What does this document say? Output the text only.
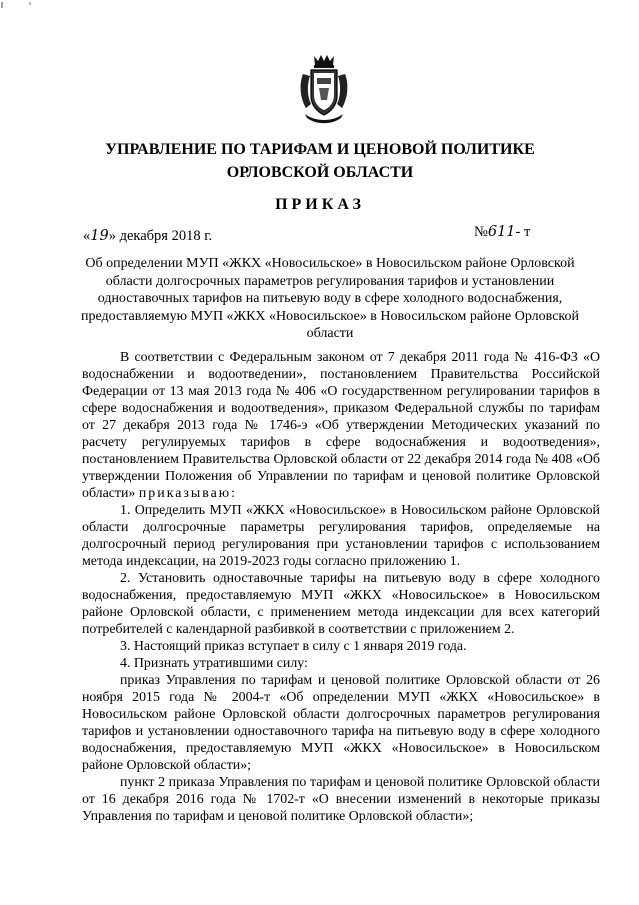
УПРАВЛЕНИЕ ПО ТАРИФАМ И ЦЕНОВОЙ ПОЛИТИКЕ
ОРЛОВСКОЙ ОБЛАСТИ
ПРИКАЗ
«19» декабря 2018 г.	№611- т
Об определении МУП «ЖКХ «Новосильское» в Новосильском районе Орловской области долгосрочных параметров регулирования тарифов и установлении одноставочных тарифов на питьевую воду в сфере холодного водоснабжения, предоставляемую МУП «ЖКХ «Новосильское» в Новосильском районе Орловской области

В соответствии с Федеральным законом от 7 декабря 2011 года № 416-ФЗ «О водоснабжении и водоотведении», постановлением Правительства Российской Федерации от 13 мая 2013 года № 406 «О государственном регулировании тарифов в сфере водоснабжения и водоотведения», приказом Федеральной службы по тарифам от 27 декабря 2013 года № 1746-э «Об утверждении Методических указаний по расчету регулируемых тарифов в сфере водоснабжения и водоотведения», постановлением Правительства Орловской области от 22 декабря 2014 года № 408 «Об утверждении Положения об Управлении по тарифам и ценовой политике Орловской области» приказываю:

1. Определить МУП «ЖКХ «Новосильское» в Новосильском районе Орловской области долгосрочные параметры регулирования тарифов, определяемые на долгосрочный период регулирования при установлении тарифов с использованием метода индексации, на 2019-2023 годы согласно приложению 1.

2. Установить одноставочные тарифы на питьевую воду в сфере холодного водоснабжения, предоставляемую МУП «ЖКХ «Новосильское» в Новосильском районе Орловской области, с применением метода индексации для всех категорий потребителей с календарной разбивкой в соответствии с приложением 2.

3. Настоящий приказ вступает в силу с 1 января 2019 года.

4. Признать утратившими силу:

приказ Управления по тарифам и ценовой политике Орловской области от 26 ноября 2015 года № 2004-т «Об определении МУП «ЖКХ «Новосильское» в Новосильском районе Орловской области долгосрочных параметров регулирования тарифов и установлении одноставочного тарифа на питьевую воду в сфере холодного водоснабжения, предоставляемую МУП «ЖКХ «Новосильское» в Новосильском районе Орловской области»;

пункт 2 приказа Управления по тарифам и ценовой политике Орловской области от 16 декабря 2016 года № 1702-т «О внесении изменений в некоторые приказы Управления по тарифам и ценовой политике Орловской области»;
